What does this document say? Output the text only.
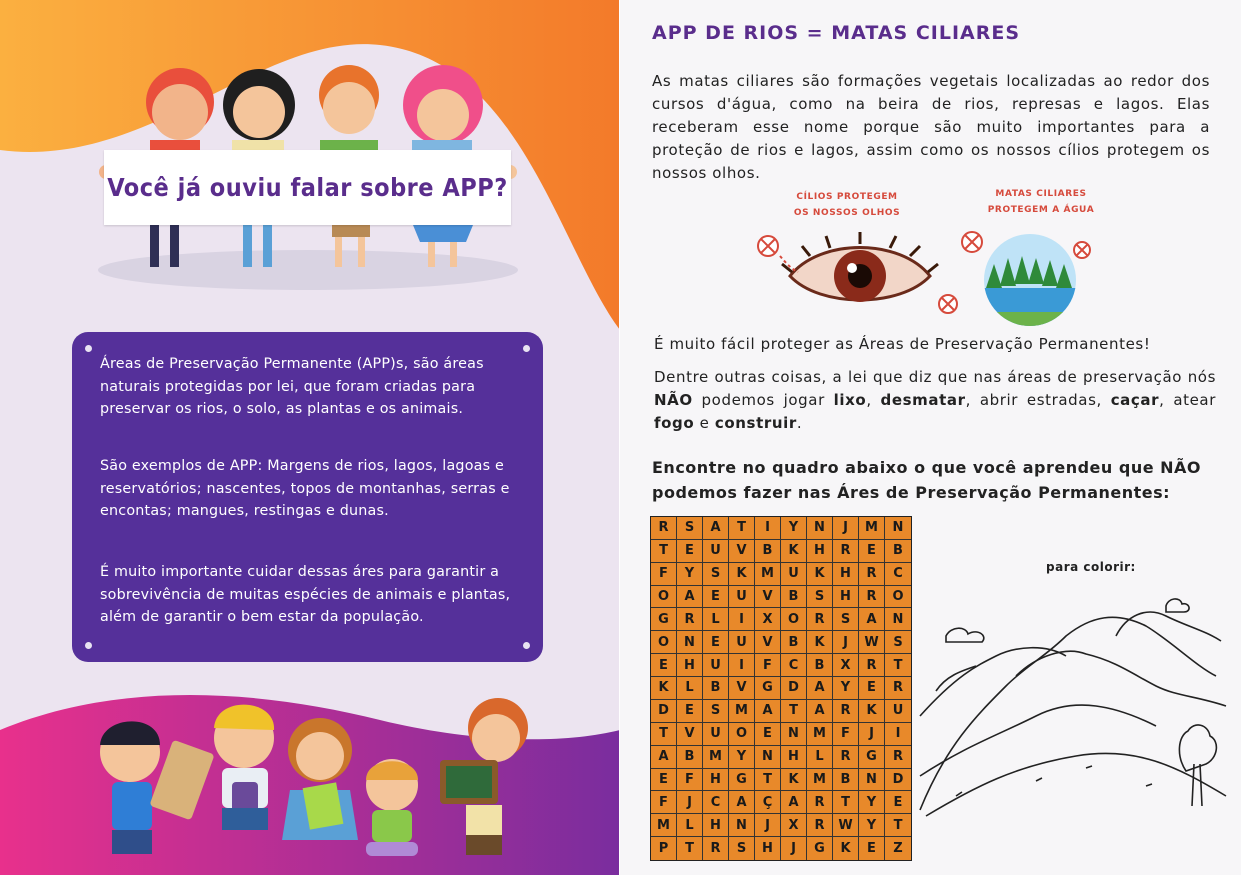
Você já ouviu falar sobre APP?

Áreas de Preservação Permanente (APP)s, são áreas naturais protegidas por lei, que foram criadas para preservar os rios, o solo, as plantas e os animais.

São exemplos de APP: Margens de rios, lagos, lagoas e reservatórios; nascentes, topos de montanhas, serras e encontas; mangues, restingas e dunas.

É muito importante cuidar dessas áres para garantir a sobrevivência de muitas espécies de animais e plantas, além de garantir o bem estar da população.

APP DE RIOS = MATAS CILIARES

As matas ciliares são formações vegetais localizadas ao redor dos cursos d'água, como na beira de rios, represas e lagos. Elas receberam esse nome porque são muito importantes para a proteção de rios e lagos, assim como os nossos cílios protegem os nossos olhos.

CÍLIOS PROTEGEM
OS NOSSOS OLHOS
MATAS CILIARES
PROTEGEM A ÁGUA

É muito fácil proteger as Áreas de Preservação Permanentes!

Dentre outras coisas, a lei que diz que nas áreas de preservação nós NÃO podemos jogar lixo, desmatar, abrir estradas, caçar, atear fogo e construir.

Encontre no quadro abaixo o que você aprendeu que NÃO podemos fazer nas Áres de Preservação Permanentes:

R	S	A	T	I	Y	N	J	M	N
T	E	U	V	B	K	H	R	E	B
F	Y	S	K	M	U	K	H	R	C
O	A	E	U	V	B	S	H	R	O
G	R	L	I	X	O	R	S	A	N
O	N	E	U	V	B	K	J	W	S
E	H	U	I	F	C	B	X	R	T
K	L	B	V	G	D	A	Y	E	R
D	E	S	M	A	T	A	R	K	U
T	V	U	O	E	N	M	F	J	I
A	B	M	Y	N	H	L	R	G	R
E	F	H	G	T	K	M	B	N	D
F	J	C	A	Ç	A	R	T	Y	E
M	L	H	N	J	X	R	W	Y	T
P	T	R	S	H	J	G	K	E	Z
para colorir:
